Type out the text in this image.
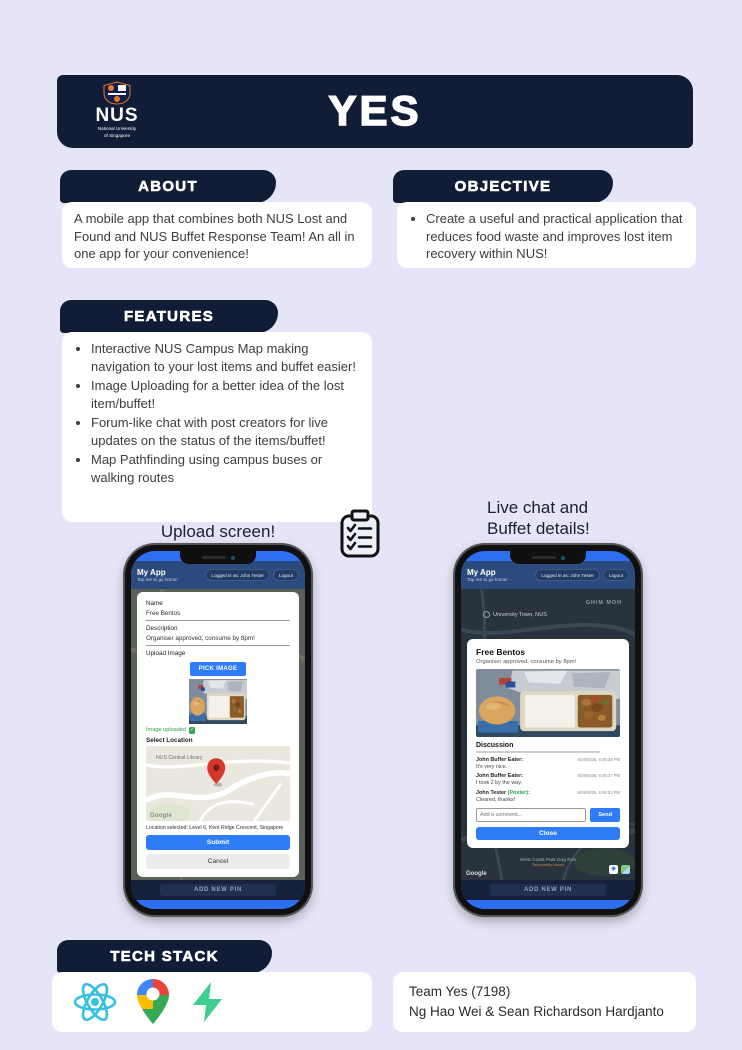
NUS
National University
of Singapore
YES
ABOUT
A mobile app that combines both NUS Lost and Found and NUS Buffet Response Team! An all in one app for your convenience!
OBJECTIVE
• Create a useful and practical application that reduces food waste and improves lost item recovery within NUS!
FEATURES
• Interactive NUS Campus Map making navigation to your lost items and buffet easier!
• Image Uploading for a better idea of the lost item/buffet!
• Forum-like chat with post creators for live updates on the status of the items/buffet!
• Map Pathfinding using campus buses or walking routes
Upload screen!
Live chat and
Buffet details!
My App
Tap me to go home!
Logged in as: John Tester	Logout
Name
Free Bentos
Description
Organiser approved, consume by 8pm!
Upload Image
PICK IMAGE
Image uploaded ✓
Select Location
NUS Central Library
Google
Location selected: Level 6, Kent Ridge Crescent, Singapore
Submit
Cancel
ADD NEW PIN
My App
Tap me to go home!
Logged in as: John Tester	Logout
University Town, NUS
GHIM MOH
West Coast Park Dog Run
Temporarily closed
Google
◆
Free Bentos
Organiser approved, consume by 8pm!
Discussion
John Buffer Eater:	6/29/2025, 6:45:29 PM
It's very nice.
John Buffer Eater:	6/29/2025, 6:45:37 PM
I took 2 by the way.
John Tester (Poster):	6/29/2025, 6:46:03 PM
Cleared, thanks!
Add a comment...
Send
Close
ADD NEW PIN
TECH STACK
Team Yes (7198)
Ng Hao Wei & Sean Richardson Hardjanto
